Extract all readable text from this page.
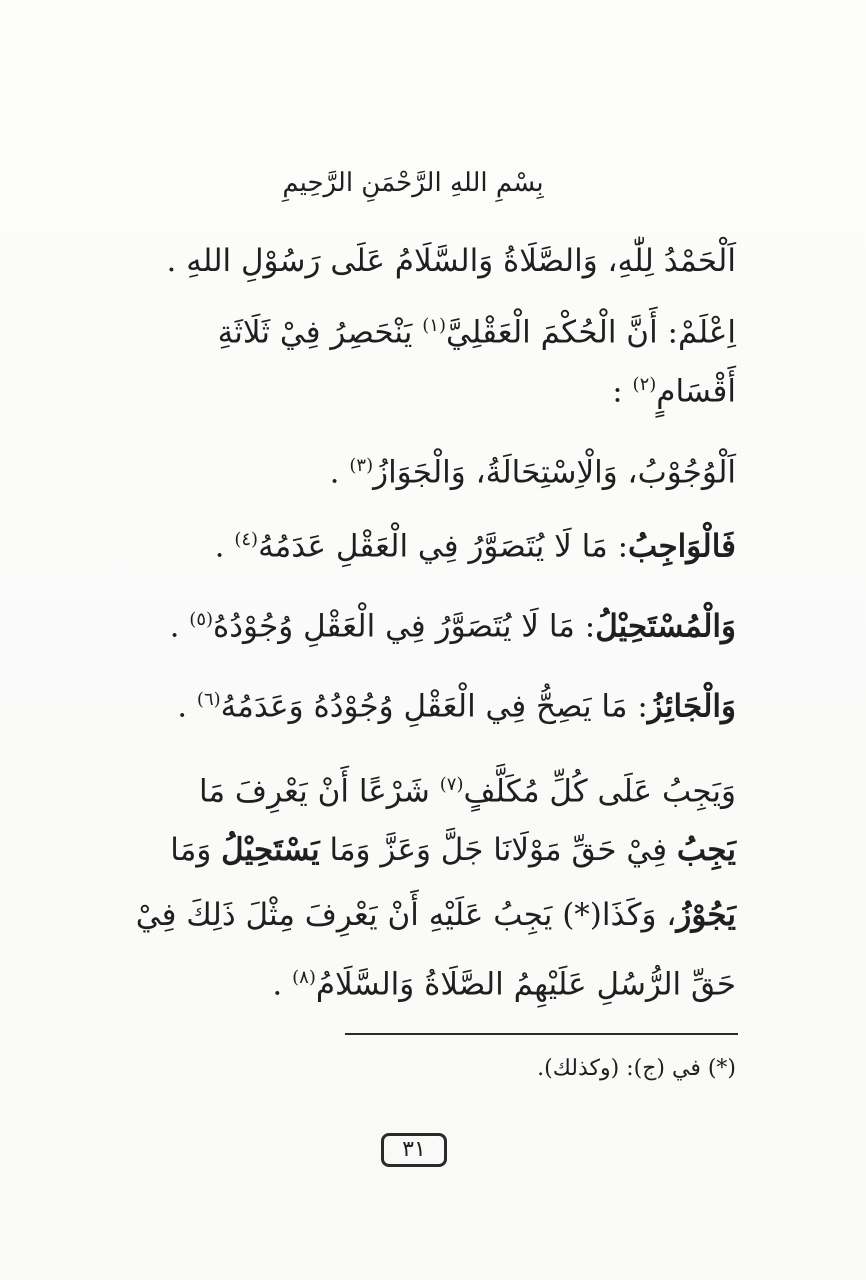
بِسْمِ اللهِ الرَّحْمَنِ الرَّحِيمِ
اَلْحَمْدُ لِلّٰهِ، وَالصَّلَاةُ وَالسَّلَامُ عَلَى رَسُوْلِ اللهِ .
اِعْلَمْ: أَنَّ الْحُكْمَ الْعَقْلِيَّ$^{(١)}$ يَنْحَصِرُ فِيْ ثَلَاثَةِ
أَقْسَامٍ$^{(٢)}$ :
اَلْوُجُوْبُ، وَالْاِسْتِحَالَةُ، وَالْجَوَازُ$^{(٣)}$ .
فَالْوَاجِبُ: مَا لَا يُتَصَوَّرُ فِي الْعَقْلِ عَدَمُهُ$^{(٤)}$ .
وَالْمُسْتَحِيْلُ: مَا لَا يُتَصَوَّرُ فِي الْعَقْلِ وُجُوْدُهُ$^{(٥)}$ .
وَالْجَائِزُ: مَا يَصِحُّ فِي الْعَقْلِ وُجُوْدُهُ وَعَدَمُهُ$^{(٦)}$ .
وَيَجِبُ عَلَى كُلِّ مُكَلَّفٍ$^{(٧)}$ شَرْعًا أَنْ يَعْرِفَ مَا
يَجِبُ فِيْ حَقِّ مَوْلَانَا جَلَّ وَعَزَّ وَمَا يَسْتَحِيْلُ وَمَا
يَجُوْزُ، وَكَذَا(*) يَجِبُ عَلَيْهِ أَنْ يَعْرِفَ مِثْلَ ذَلِكَ فِيْ
حَقِّ الرُّسُلِ عَلَيْهِمُ الصَّلَاةُ وَالسَّلَامُ$^{(٨)}$ .
(*) في (ج): (وكذلك).
٣١
